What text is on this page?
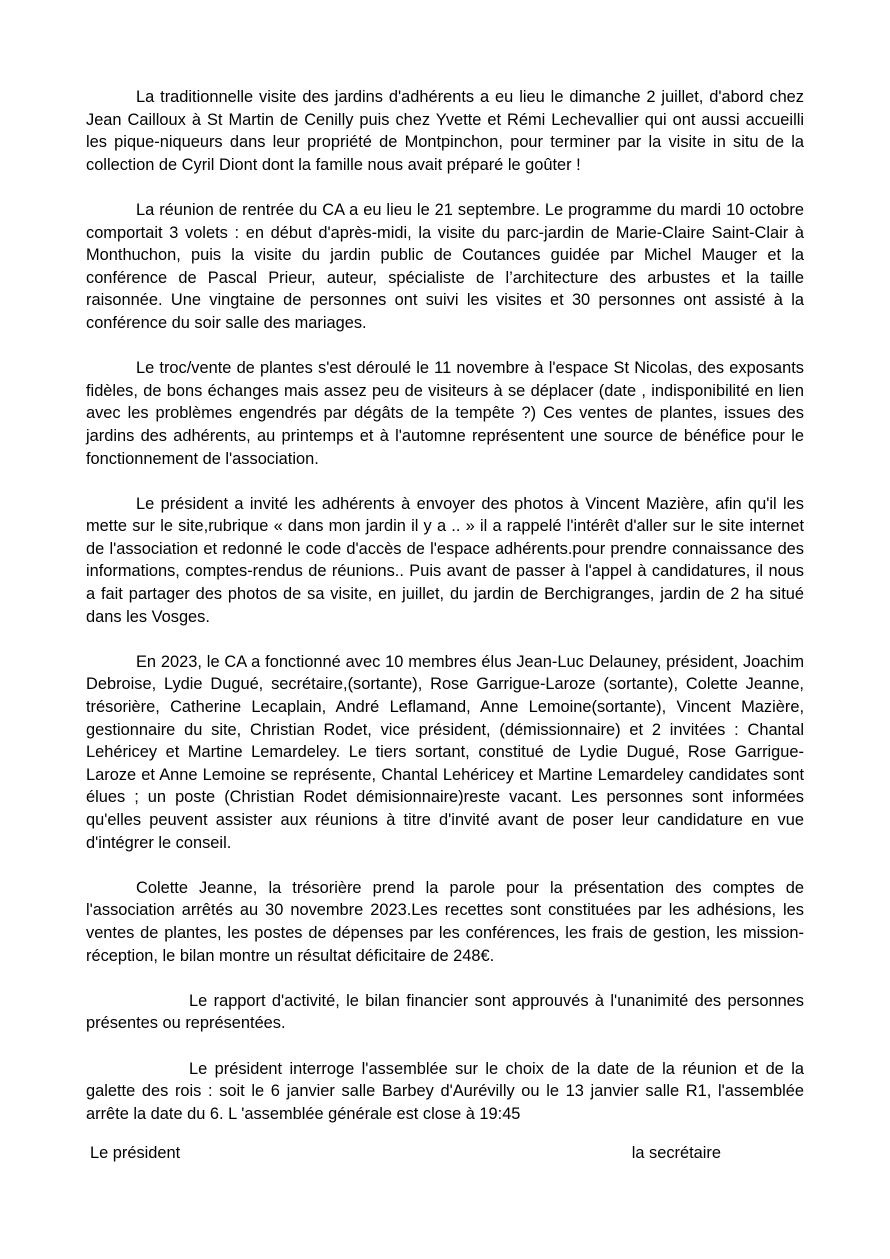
La traditionnelle visite des jardins d'adhérents a eu lieu le dimanche 2 juillet, d'abord chez Jean Cailloux à St Martin de Cenilly puis chez Yvette et Rémi Lechevallier qui ont aussi accueilli les pique-niqueurs dans leur propriété de Montpinchon, pour terminer par la visite in situ de la collection de Cyril Diont dont la famille nous avait préparé le goûter !

La réunion de rentrée du CA a eu lieu le 21 septembre. Le programme du mardi 10 octobre comportait 3 volets : en début d'après-midi, la visite du parc-jardin de Marie-Claire Saint-Clair à Monthuchon, puis la visite du jardin public de Coutances guidée par Michel Mauger et la conférence de Pascal Prieur, auteur, spécialiste de l’architecture des arbustes et la taille raisonnée. Une vingtaine de personnes ont suivi les visites et 30 personnes ont assisté à la conférence du soir salle des mariages.

Le troc/vente de plantes s'est déroulé le 11 novembre à l'espace St Nicolas, des exposants fidèles, de bons échanges mais assez peu de visiteurs à se déplacer (date , indisponibilité en lien avec les problèmes engendrés par dégâts de la tempête ?) Ces ventes de plantes, issues des jardins des adhérents, au printemps et à l'automne représentent une source de bénéfice pour le fonctionnement de l'association.

Le président a invité les adhérents à envoyer des photos à Vincent Mazière, afin qu'il les mette sur le site,rubrique « dans mon jardin il y a .. » il a rappelé l'intérêt d'aller sur le site internet de l'association et redonné le code d'accès de l'espace adhérents.pour prendre connaissance des informations, comptes-rendus de réunions.. Puis avant de passer à l'appel à candidatures, il nous a fait partager des photos de sa visite, en juillet, du jardin de Berchigranges, jardin de 2 ha situé dans les Vosges.

En 2023, le CA a fonctionné avec 10 membres élus Jean-Luc Delauney, président, Joachim Debroise, Lydie Dugué, secrétaire,(sortante), Rose Garrigue-Laroze (sortante), Colette Jeanne, trésorière, Catherine Lecaplain, André Leflamand, Anne Lemoine(sortante), Vincent Mazière, gestionnaire du site, Christian Rodet, vice président, (démissionnaire) et 2 invitées : Chantal Lehéricey et Martine Lemardeley. Le tiers sortant, constitué de Lydie Dugué, Rose Garrigue-Laroze et Anne Lemoine se représente, Chantal Lehéricey et Martine Lemardeley candidates sont élues ; un poste (Christian Rodet démisionnaire)reste vacant. Les personnes sont informées qu'elles peuvent assister aux réunions à titre d'invité avant de poser leur candidature en vue d'intégrer le conseil.

Colette Jeanne, la trésorière prend la parole pour la présentation des comptes de l'association arrêtés au 30 novembre 2023.Les recettes sont constituées par les adhésions, les ventes de plantes, les postes de dépenses par les conférences, les frais de gestion, les mission-réception, le bilan montre un résultat déficitaire de 248€.

Le rapport d'activité, le bilan financier sont approuvés à l'unanimité des personnes présentes ou représentées.

Le président interroge l'assemblée sur le choix de la date de la réunion et de la galette des rois : soit le 6 janvier salle Barbey d'Aurévilly ou le 13 janvier salle R1, l'assemblée arrête la date du 6. L 'assemblée générale est close à 19:45

Le président	la secrétaire
